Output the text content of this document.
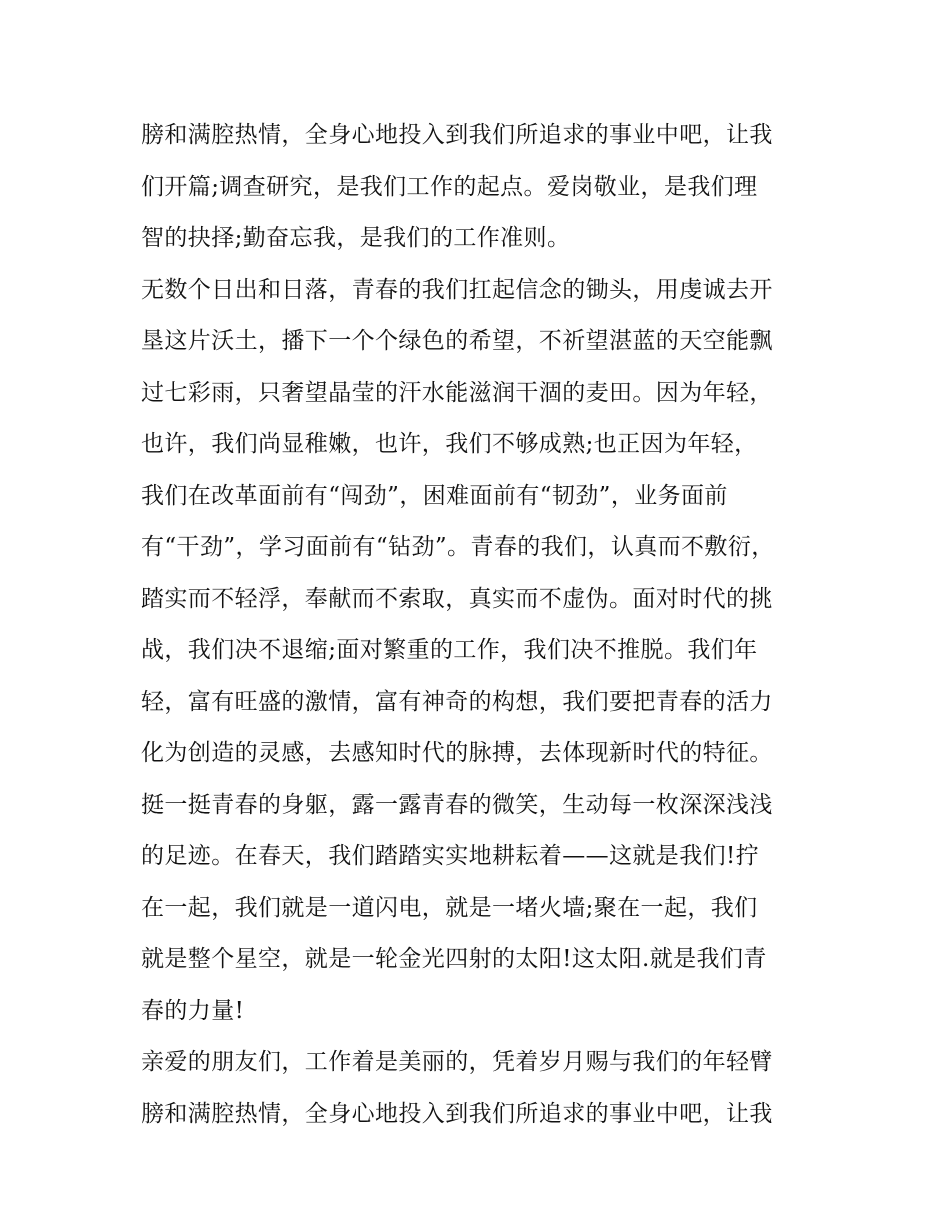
膀和满腔热情，全身心地投入到我们所追求的事业中吧，让我
们开篇;调查研究，是我们工作的起点。爱岗敬业，是我们理
智的抉择;勤奋忘我，是我们的工作准则。
无数个日出和日落，青春的我们扛起信念的锄头，用虔诚去开
垦这片沃土，播下一个个绿色的希望，不祈望湛蓝的天空能飘
过七彩雨，只奢望晶莹的汗水能滋润干涸的麦田。因为年轻，
也许，我们尚显稚嫩，也许，我们不够成熟;也正因为年轻，
我们在改革面前有“闯劲”，困难面前有“韧劲”，业务面前
有“干劲”，学习面前有“钻劲”。青春的我们，认真而不敷衍，
踏实而不轻浮，奉献而不索取，真实而不虚伪。面对时代的挑
战，我们决不退缩;面对繁重的工作，我们决不推脱。我们年
轻，富有旺盛的激情，富有神奇的构想，我们要把青春的活力
化为创造的灵感，去感知时代的脉搏，去体现新时代的特征。
挺一挺青春的身躯，露一露青春的微笑，生动每一枚深深浅浅
的足迹。在春天，我们踏踏实实地耕耘着——这就是我们!拧
在一起，我们就是一道闪电，就是一堵火墙;聚在一起，我们
就是整个星空，就是一轮金光四射的太阳!这太阳.就是我们青
春的力量!
亲爱的朋友们，工作着是美丽的，凭着岁月赐与我们的年轻臂
膀和满腔热情，全身心地投入到我们所追求的事业中吧，让我
